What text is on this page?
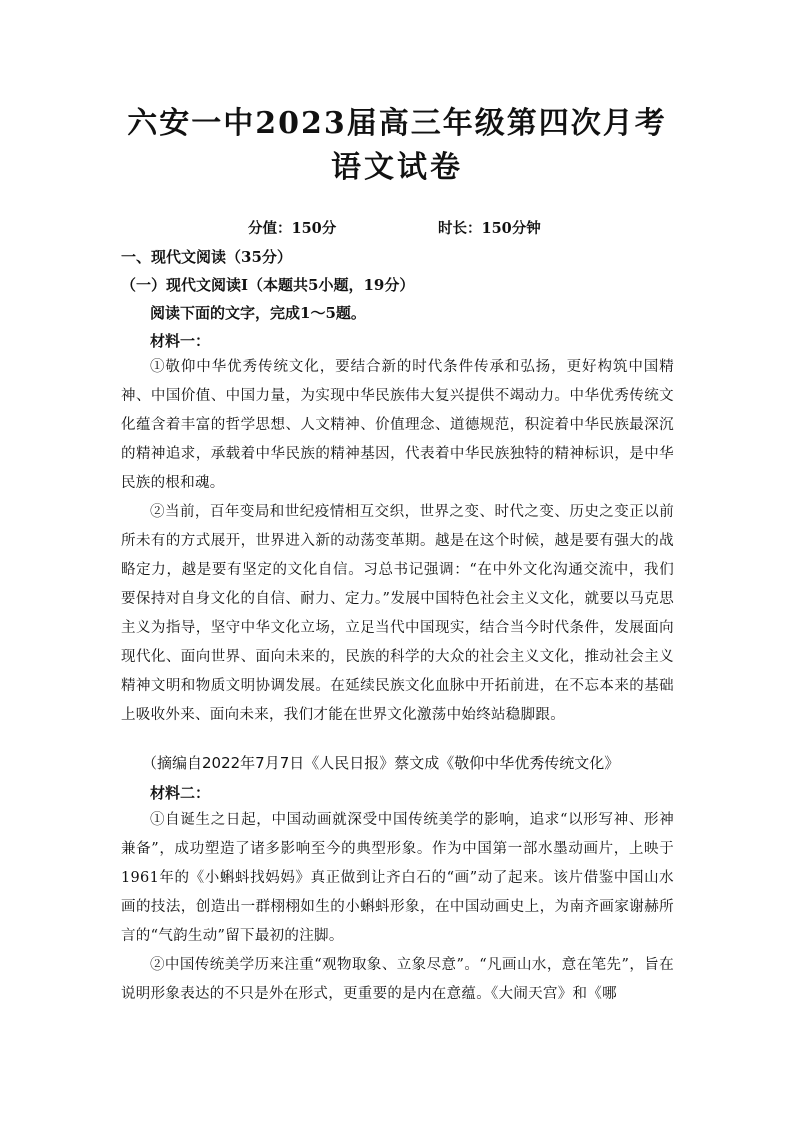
六安一中2023届高三年级第四次月考
语文试卷
分值：150分	时长：150分钟
一、现代文阅读（35分）
（一）现代文阅读Ⅰ（本题共5小题，19分）
阅读下面的文字，完成1～5题。
材料一：
①敬仰中华优秀传统文化，要结合新的时代条件传承和弘扬，更好构筑中国精神、中国价值、中国力量，为实现中华民族伟大复兴提供不竭动力。中华优秀传统文化蕴含着丰富的哲学思想、人文精神、价值理念、道德规范，积淀着中华民族最深沉的精神追求，承载着中华民族的精神基因，代表着中华民族独特的精神标识，是中华民族的根和魂。
②当前，百年变局和世纪疫情相互交织，世界之变、时代之变、历史之变正以前所未有的方式展开，世界进入新的动荡变革期。越是在这个时候，越是要有强大的战略定力，越是要有坚定的文化自信。习总书记强调：“在中外文化沟通交流中，我们要保持对自身文化的自信、耐力、定力。”发展中国特色社会主义文化，就要以马克思主义为指导，坚守中华文化立场，立足当代中国现实，结合当今时代条件，发展面向现代化、面向世界、面向未来的，民族的科学的大众的社会主义文化，推动社会主义精神文明和物质文明协调发展。在延续民族文化血脉中开拓前进，在不忘本来的基础上吸收外来、面向未来，我们才能在世界文化激荡中始终站稳脚跟。
（摘编自2022年7月7日《人民日报》蔡文成《敬仰中华优秀传统文化》
材料二：
①自诞生之日起，中国动画就深受中国传统美学的影响，追求“以形写神、形神兼备”，成功塑造了诸多影响至今的典型形象。作为中国第一部水墨动画片，上映于1961年的《小蝌蚪找妈妈》真正做到让齐白石的“画”动了起来。该片借鉴中国山水画的技法，创造出一群栩栩如生的小蝌蚪形象，在中国动画史上，为南齐画家谢赫所言的“气韵生动”留下最初的注脚。
②中国传统美学历来注重“观物取象、立象尽意”。“凡画山水，意在笔先”，旨在说明形象表达的不只是外在形式，更重要的是内在意蕴。《大闹天宫》和《哪
